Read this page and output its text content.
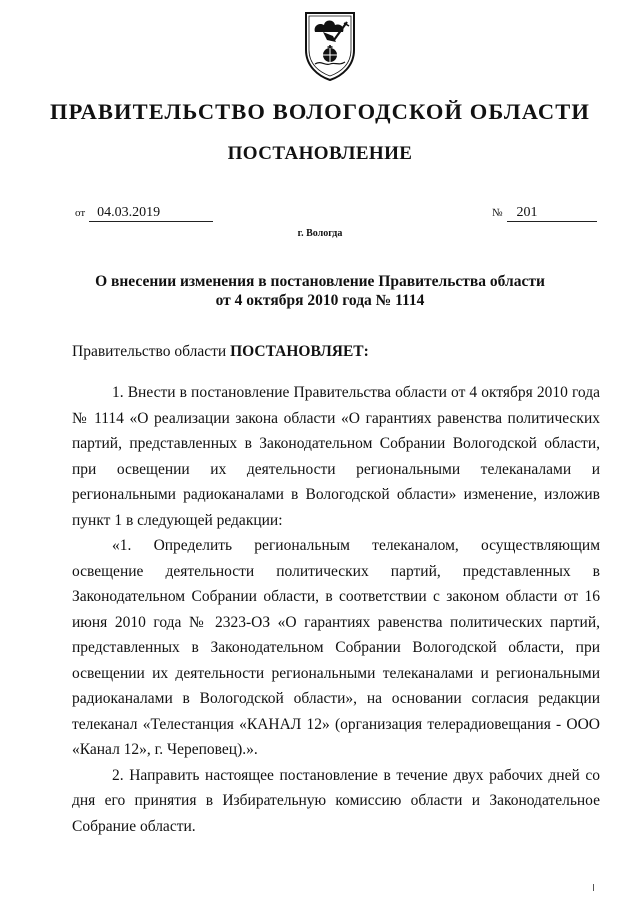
ПРАВИТЕЛЬСТВО ВОЛОГОДСКОЙ ОБЛАСТИ
ПОСТАНОВЛЕНИЕ
от 04.03.2019	№ 201
г. Вологда
О внесении изменения в постановление Правительства области
от 4 октября 2010 года № 1114
Правительство области ПОСТАНОВЛЯЕТ:

1. Внести в постановление Правительства области от 4 октября 2010 года № 1114 «О реализации закона области «О гарантиях равенства политических партий, представленных в Законодательном Собрании Вологодской области, при освещении их деятельности региональными телеканалами и региональными радиоканалами в Вологодской области» изменение, изложив пункт 1 в следующей редакции:

«1. Определить региональным телеканалом, осуществляющим освещение деятельности политических партий, представленных в Законодательном Собрании области, в соответствии с законом области от 16 июня 2010 года № 2323-ОЗ «О гарантиях равенства политических партий, представленных в Законодательном Собрании Вологодской области, при освещении их деятельности региональными телеканалами и региональными радиоканалами в Вологодской области», на основании согласия редакции телеканал «Телестанция «КАНАЛ 12» (организация телерадиовещания - ООО «Канал 12», г. Череповец).».

2. Направить настоящее постановление в течение двух рабочих дней со дня его принятия в Избирательную комиссию области и Законодательное Собрание области.
